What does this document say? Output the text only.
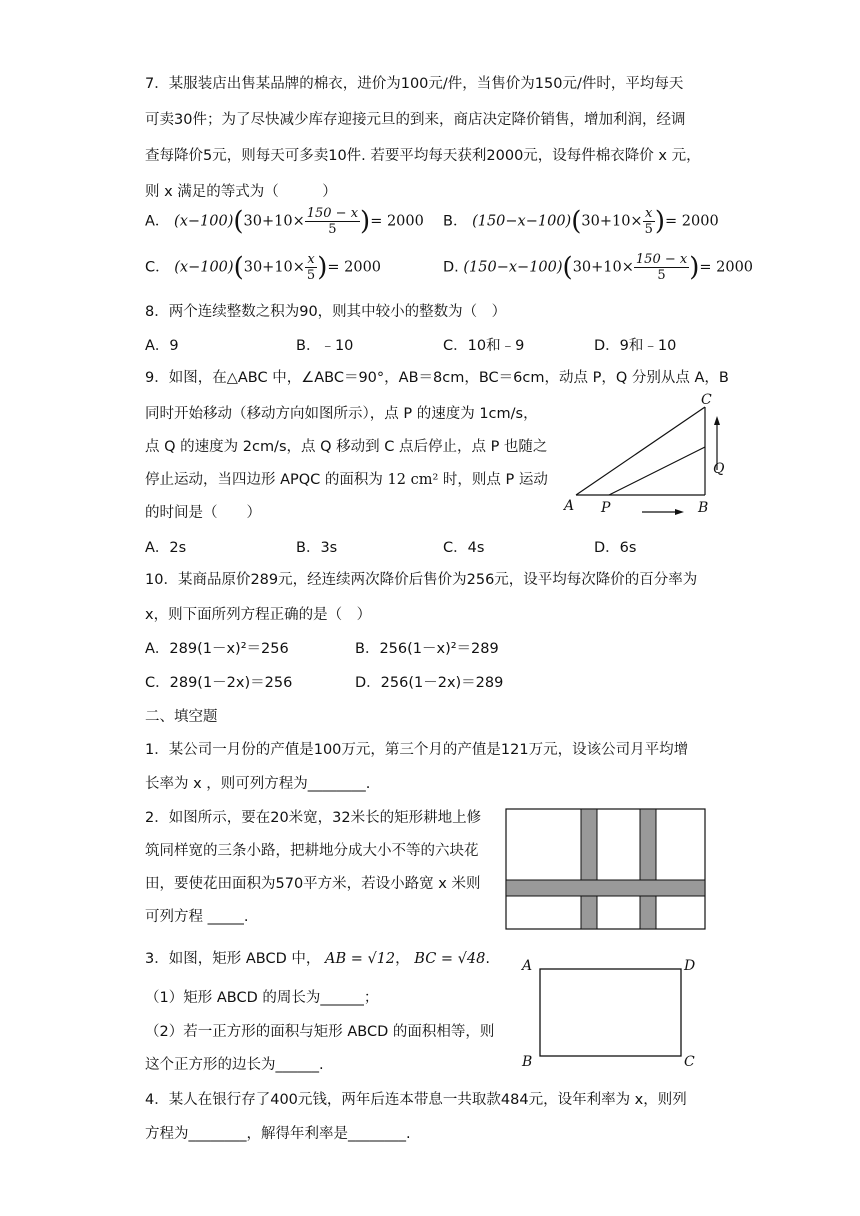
7．某服装店出售某品牌的棉衣，进价为100元/件，当售价为150元/件时，平均每天
可卖30件；为了尽快减少库存迎接元旦的到来，商店决定降价销售，增加利润，经调
查每降价5元，则每天可多卖10件. 若要平均每天获利2000元，设每件棉衣降价 x 元，
则 x 满足的等式为（　　　）
A． $(x-100)(30+10\times \frac{150 - x}{5}$ )= 2000 B． $(150-x-100)(30+10\times \frac{x}{5}$ )= 2000
C． $(x-100)(30+10\times \frac{x}{5}$ )= 2000	D. $(150-x-100)(30+10\times \frac{150 - x}{5}$ )= 2000
8．两个连续整数之积为90，则其中较小的整数为（　）
A．9	B．﹣10	C．10和﹣9	D．9和﹣10
9．如图，在△ABC 中，∠ABC＝90°，AB＝8cm，BC＝6cm，动点 P，Q 分别从点 A，B
同时开始移动（移动方向如图所示），点 P 的速度为 1cm/s，
点 Q 的速度为 2cm/s，点 Q 移动到 C 点后停止，点 P 也随之
停止运动，当四边形 APQC 的面积为 12 cm² 时，则点 P 运动
的时间是（　　）	A P	B
Q
C
A．2s	B．3s	C．4s	D．6s
10．某商品原价289元，经连续两次降价后售价为256元，设平均每次降价的百分率为
x，则下面所列方程正确的是（　）
A．289(1－x)²＝256	B．256(1－x)²＝289
C．289(1－2x)＝256	D．256(1－2x)＝289
二、填空题
1．某公司一月份的产值是100万元，第三个月的产值是121万元，设该公司月平均增
长率为 x ，则可列方程为________.
2．如图所示，要在20米宽，32米长的矩形耕地上修
筑同样宽的三条小路，把耕地分成大小不等的六块花
田，要使花田面积为570平方米，若设小路宽 x 米则
可列方程 _____.
3．如图，矩形 ABCD 中， AB = √12， BC = √48.
（1）矩形 ABCD 的周长为______；
（2）若一正方形的面积与矩形 ABCD 的面积相等，则
这个正方形的边长为______.
A	D
B	C
4．某人在银行存了400元钱，两年后连本带息一共取款484元，设年利率为 x，则列
方程为________，解得年利率是________.
